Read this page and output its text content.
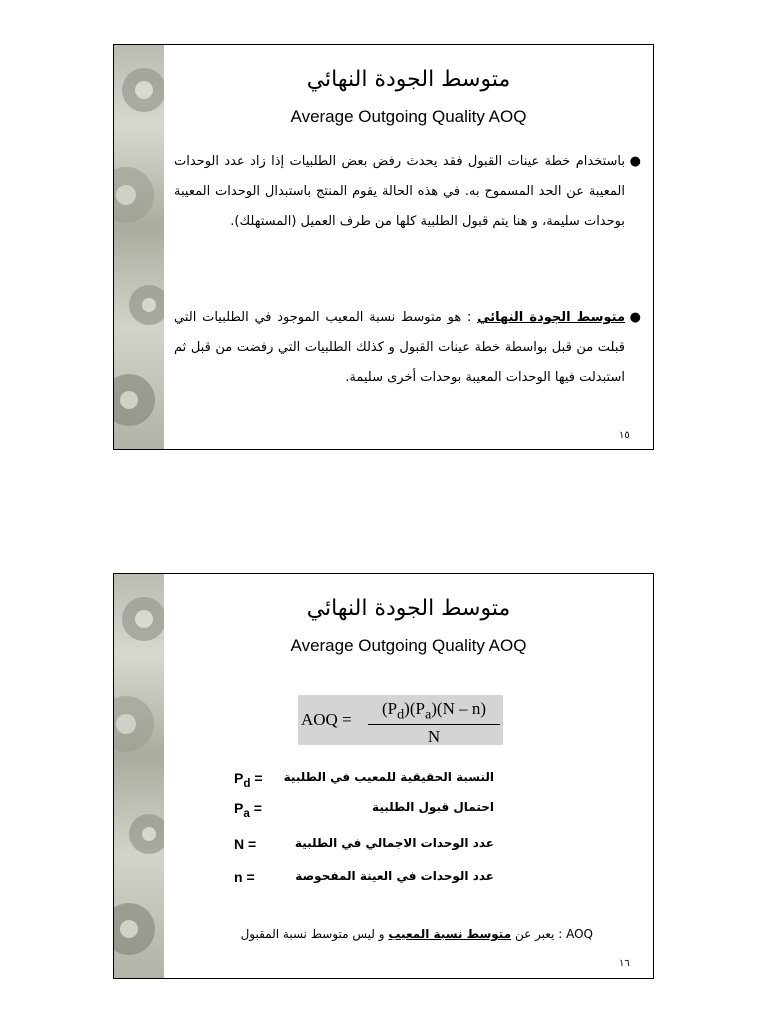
متوسط الجودة النهائي
Average Outgoing Quality AOQ
●
باستخدام خطة عينات القبول فقد يحدث رفض بعض الطلبيات إذا زاد عدد الوحدات المعيبة عن الحد المسموح به. في هذه الحالة يقوم المنتج باستبدال الوحدات المعيبة بوحدات سليمة، و هنا يتم قبول الطلبية كلها من طرف العميل (المستهلك).
●
متوسط الجودة النهائي : هو متوسط نسبة المعيب الموجود في الطلبيات التي قبلت من قبل بواسطة خطة عينات القبول و كذلك الطلبيات التي رفضت من قبل ثم استبدلت فيها الوحدات المعيبة بوحدات أخرى سليمة.
١٥
متوسط الجودة النهائي
Average Outgoing Quality AOQ
AOQ = $\frac{(P_d)(P_a)(N - n)}{N}$
$P_d$ = النسبة الحقيقية للمعيب في الطلبية
$P_a$ =	احتمال قبول الطلبية
N =	عدد الوحدات الاجمالي في الطلبية
n =	عدد الوحدات في العينة المفحوصة
AOQ : يعبر عن متوسط نسبة المعيب و ليس متوسط نسبة المقبول
١٦
